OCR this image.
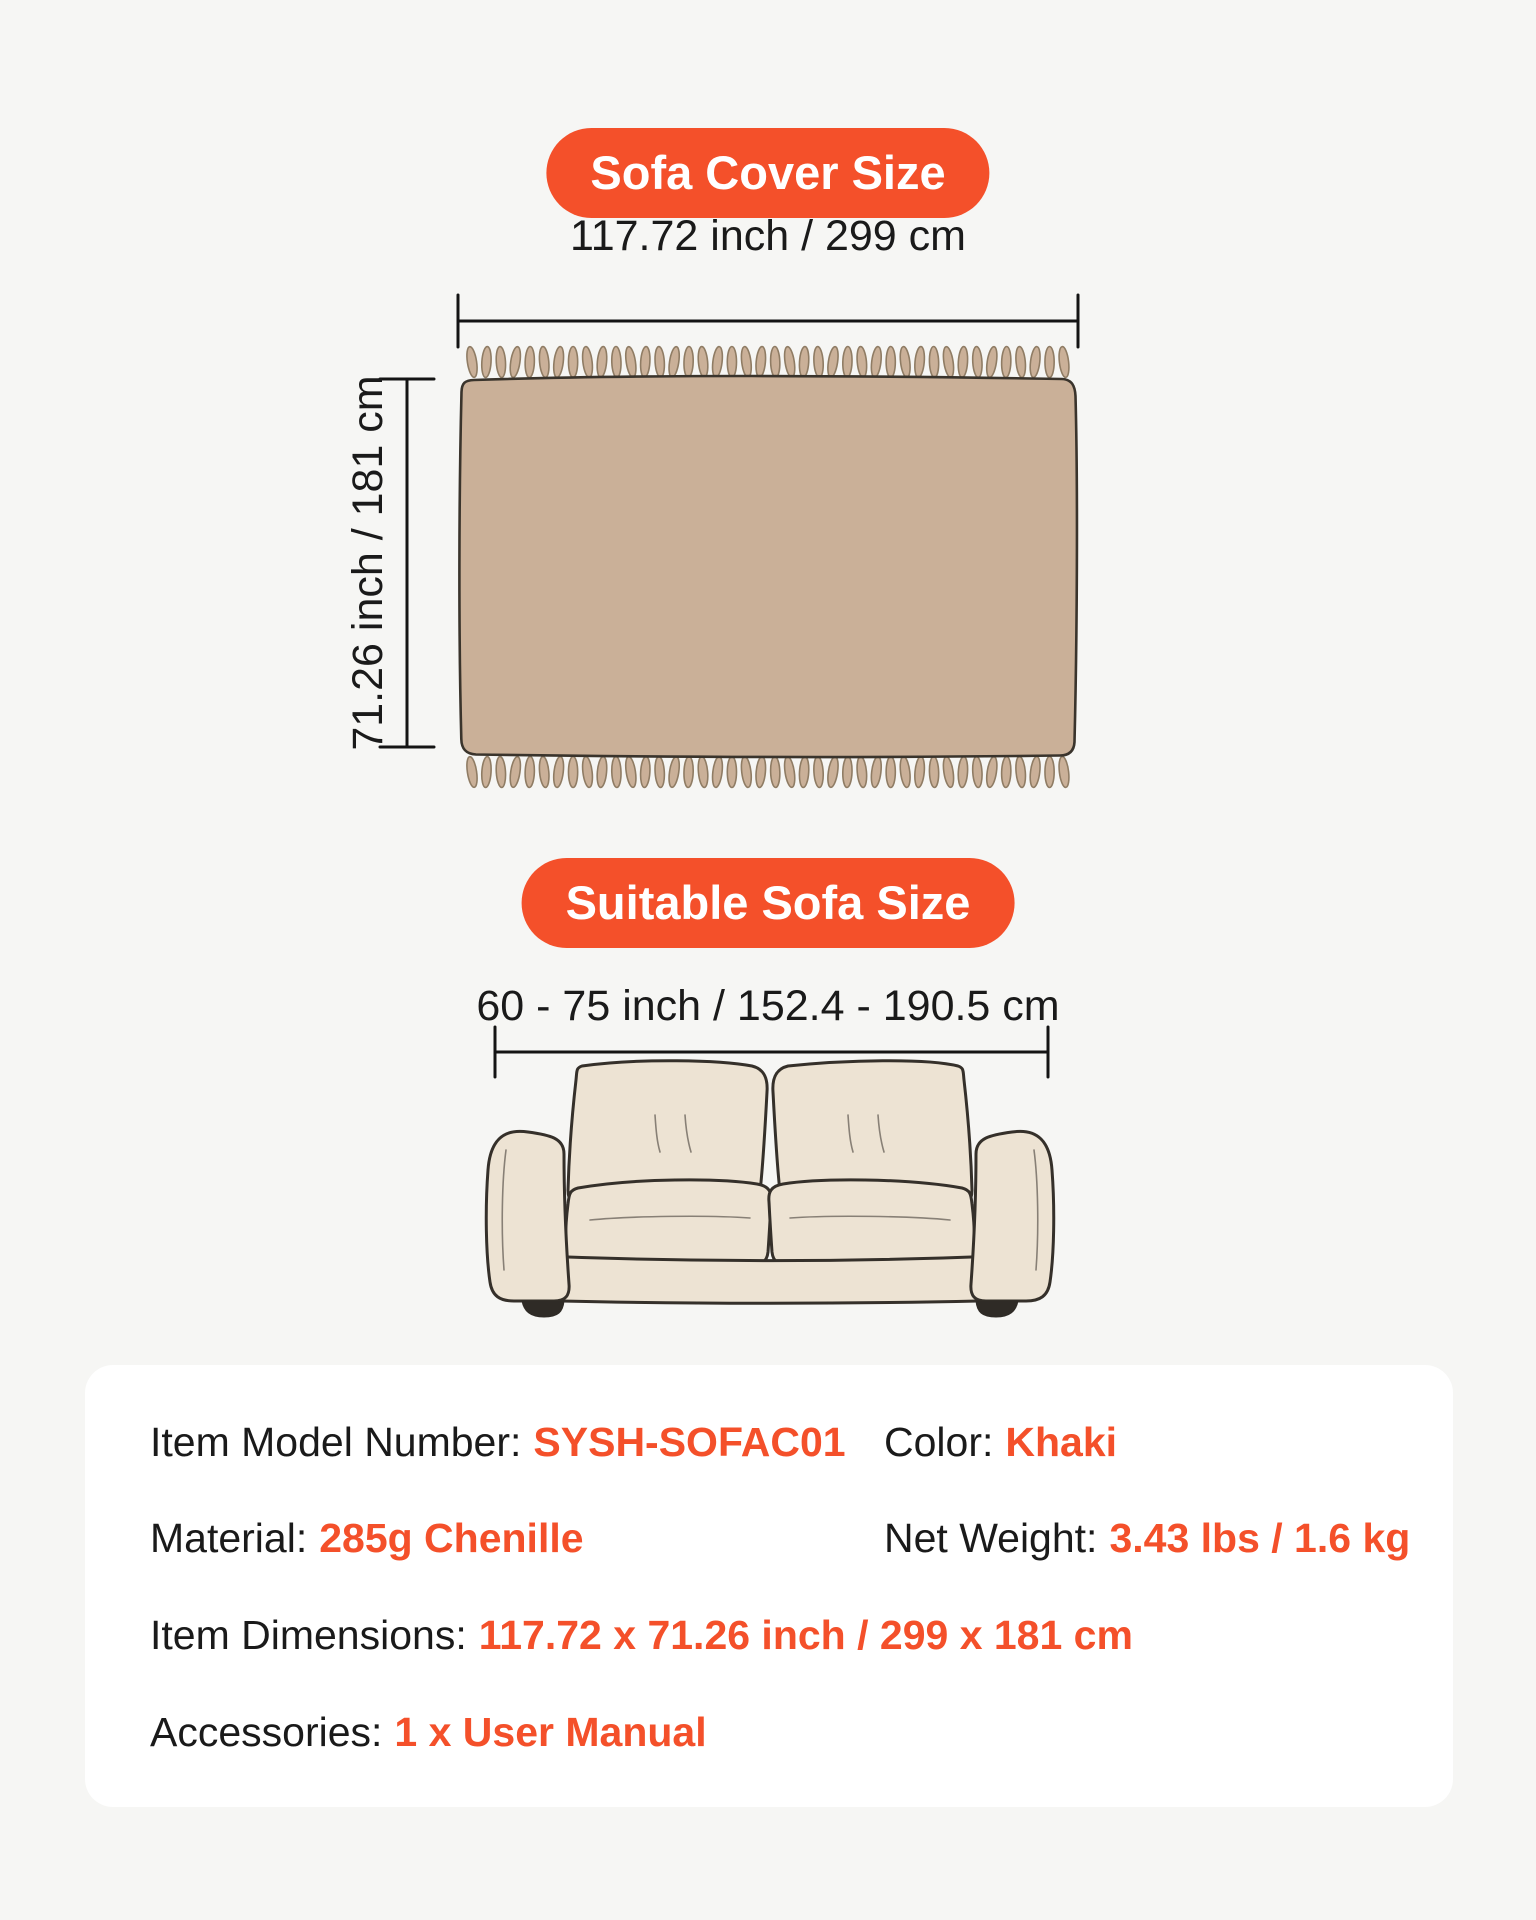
Sofa Cover Size
117.72 inch / 299 cm
71.26 inch / 181 cm
Suitable Sofa Size
60 - 75 inch / 152.4 - 190.5 cm
Item Model Number: SYSH-SOFAC01 Color: Khaki
Material: 285g Chenille	Net Weight: 3.43 lbs / 1.6 kg
Item Dimensions: 117.72 x 71.26 inch / 299 x 181 cm
Accessories: 1 x User Manual
